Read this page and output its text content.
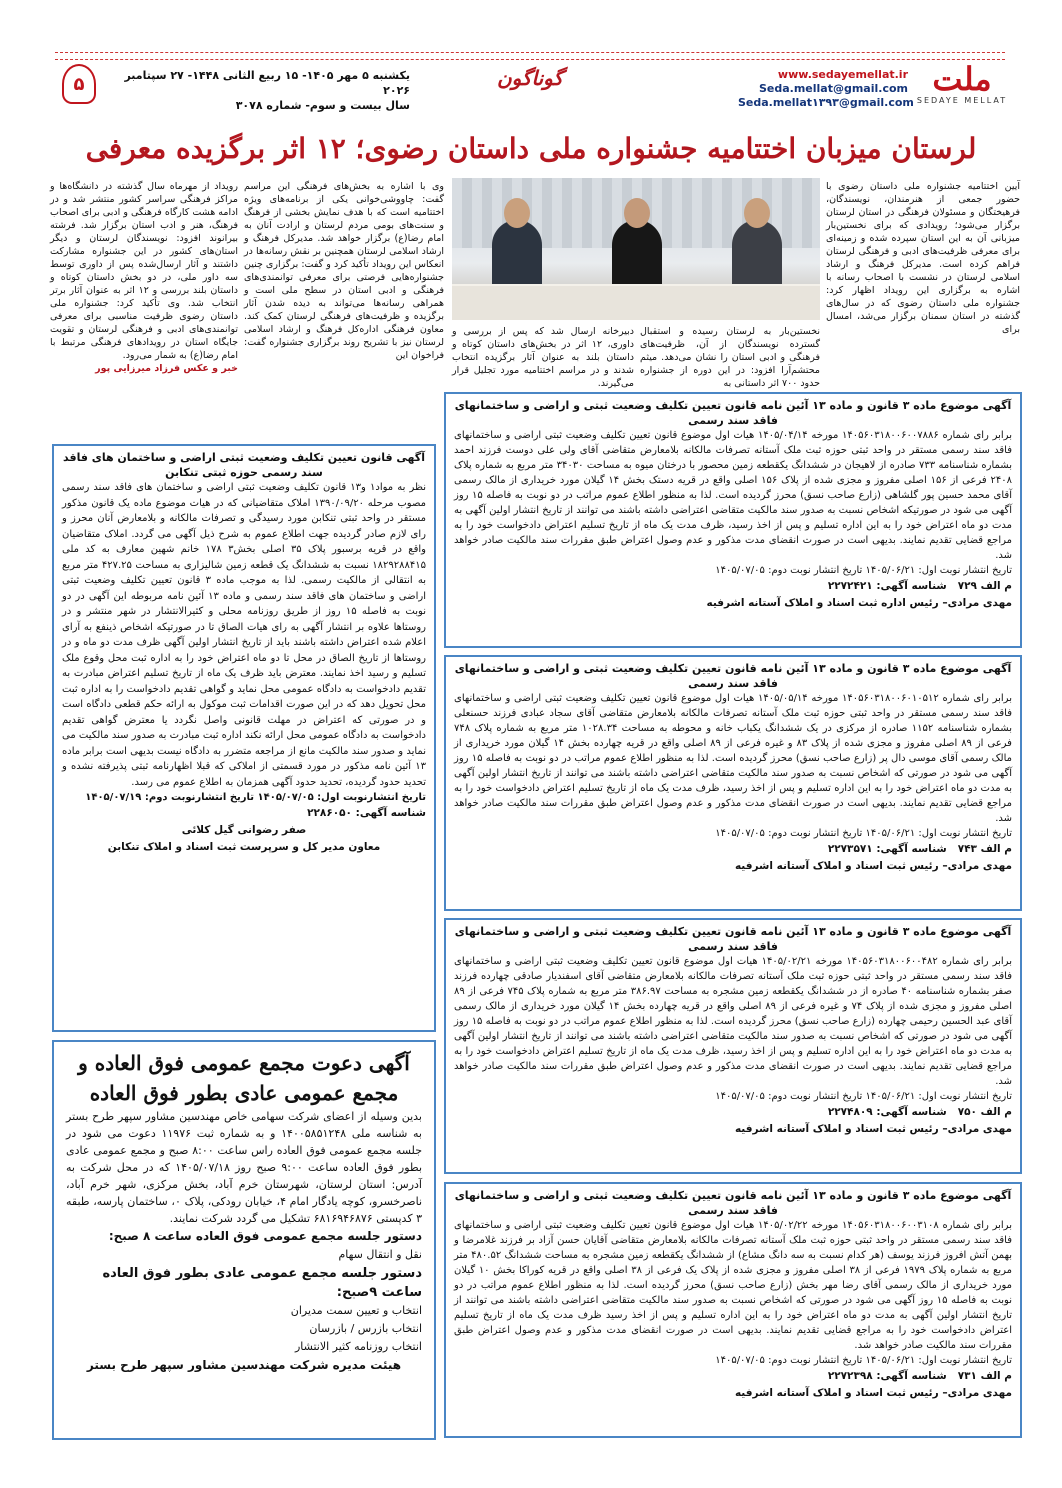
ملت
SEDAYE MELLAT
www.sedayemellat.ir
Seda.mellat@gmail.com
Seda.mellat۱۳۹۳@gmail.com
گوناگون
یکشنبه ۵ مهر ۱۴۰۵- ۱۵ ربیع الثانی ۱۴۴۸- ۲۷ سپتامبر ۲۰۲۶
سال بیست و سوم- شماره ۳۰۷۸
۵
لرستان میزبان اختتامیه جشنواره ملی داستان رضوی؛ ۱۲ اثر برگزیده معرفی
آیین اختتامیه جشنواره ملی داستان رضوی با حضور جمعی از هنرمندان، نویسندگان، فرهیختگان و مسئولان فرهنگی در استان لرستان برگزار می‌شود؛ رویدادی که برای نخستین‌بار میزبانی آن به این استان سپرده شده و زمینه‌ای برای معرفی ظرفیت‌های ادبی و فرهنگی لرستان فراهم کرده است. مدیرکل فرهنگ و ارشاد اسلامی لرستان در نشست با اصحاب رسانه با اشاره به برگزاری این رویداد اظهار کرد: جشنواره ملی داستان رضوی که در سال‌های گذشته در استان سمنان برگزار می‌شد، امسال برای
نخستین‌بار به لرستان رسیده و استقبال گسترده نویسندگان از آن، ظرفیت‌های فرهنگی و ادبی استان را نشان می‌دهد. میثم محتشم‌آرا افزود: در این دوره از جشنواره حدود ۷۰۰ اثر داستانی به
دبیرخانه ارسال شد که پس از بررسی و داوری، ۱۲ اثر در بخش‌های داستان کوتاه و داستان بلند به عنوان آثار برگزیده انتخاب شدند و در مراسم اختتامیه مورد تجلیل قرار می‌گیرند.
وی با اشاره به بخش‌های فرهنگی این مراسم گفت: چاووشی‌خوانی یکی از برنامه‌های ویژه اختتامیه است که با هدف نمایش بخشی از فرهنگ و سنت‌های بومی مردم لرستان و ارادت آنان به امام رضا(ع) برگزار خواهد شد. مدیرکل فرهنگ و ارشاد اسلامی لرستان همچنین بر نقش رسانه‌ها در انعکاس این رویداد تأکید کرد و گفت: برگزاری چنین جشنواره‌هایی فرصتی برای معرفی توانمندی‌های فرهنگی و ادبی استان در سطح ملی است و همراهی رسانه‌ها می‌تواند به دیده شدن آثار برگزیده و ظرفیت‌های فرهنگی لرستان کمک کند. معاون فرهنگی اداره‌کل فرهنگ و ارشاد اسلامی لرستان نیز با تشریح روند برگزاری جشنواره گفت: فراخوان این
رویداد از مهرماه سال گذشته در دانشگاه‌ها و مراکز فرهنگی سراسر کشور منتشر شد و در ادامه هشت کارگاه فرهنگی و ادبی برای اصحاب فرهنگ، هنر و ادب استان برگزار شد. فرشته بیرانوند افزود: نویسندگان لرستان و دیگر استان‌های کشور در این جشنواره مشارکت داشتند و آثار ارسال‌شده پس از داوری توسط سه داور ملی، در دو بخش داستان کوتاه و داستان بلند بررسی و ۱۲ اثر به عنوان آثار برتر انتخاب شد. وی تأکید کرد: جشنواره ملی داستان رضوی ظرفیت مناسبی برای معرفی توانمندی‌های ادبی و فرهنگی لرستان و تقویت جایگاه استان در رویدادهای فرهنگی مرتبط با امام رضا(ع) به شمار می‌رود.
خبر و عکس فرزاد میرزایی پور
آگهی موضوع ماده ۳ قانون و ماده ۱۳ آئین نامه قانون تعیین تکلیف وضعیت ثبتی و اراضی و ساختمانهای فاقد سند رسمی
برابر رای شماره ۱۴۰۵۶۰۳۱۸۰۰۶۰۰۷۸۸۶ مورخه ۱۴۰۵/۰۴/۱۴ هیات اول موضوع قانون تعیین تکلیف وضعیت ثبتی اراضی و ساختمانهای فاقد سند رسمی مستقر در واحد ثبتی حوزه ثبت ملک آستانه تصرفات مالکانه بلامعارض متقاضی آقای ولی علی دوست فرزند احمد بشماره شناسنامه ۷۳۳ صادره از لاهیجان در ششدانگ یکقطعه زمین محصور با درختان میوه به مساحت ۳۴۰۳۰ متر مربع به شماره پلاک ۲۴۰۸ فرعی از ۱۵۶ اصلی مفروز و مجزی شده از پلاک ۱۵۶ اصلی واقع در قریه دستک بخش ۱۴ گیلان مورد خریداری از مالک رسمی آقای محمد حسین پور گلشاهی (زارع صاحب نسق) محرز گردیده است. لذا به منظور اطلاع عموم مراتب در دو نوبت به فاصله ۱۵ روز آگهی می شود در صورتیکه اشخاص نسبت به صدور سند مالکیت متقاضی اعتراضی داشته باشند می توانند از تاریخ انتشار اولین آگهی به مدت دو ماه اعتراض خود را به این اداره تسلیم و پس از اخذ رسید، ظرف مدت یک ماه از تاریخ تسلیم اعتراض دادخواست خود را به مراجع قضایی تقدیم نمایند. بدیهی است در صورت انقضای مدت مذکور و عدم وصول اعتراض طبق مقررات سند مالکیت صادر خواهد شد.
تاریخ انتشار نوبت اول: ۱۴۰۵/۰۶/۲۱ تاریخ انتشار نوبت دوم: ۱۴۰۵/۰۷/۰۵
م الف ۷۲۹   شناسه آگهی: ۲۲۷۲۴۲۱
مهدی مرادی– رئیس اداره ثبت اسناد و املاک آستانه اشرفیه
آگهی موضوع ماده ۳ قانون و ماده ۱۳ آئین نامه قانون تعیین تکلیف وضعیت ثبتی و اراضی و ساختمانهای فاقد سند رسمی
برابر رای شماره ۱۴۰۵۶۰۳۱۸۰۰۶۰۱۰۵۱۲ مورخه ۱۴۰۵/۰۵/۱۴ هیات اول موضوع قانون تعیین تکلیف وضعیت ثبتی اراضی و ساختمانهای فاقد سند رسمی مستقر در واحد ثبتی حوزه ثبت ملک آستانه تصرفات مالکانه بلامعارض متقاضی آقای سجاد عبادی فرزند حسنعلی بشماره شناسنامه ۱۱۵۲ صادره از مرکزی در یک ششدانگ یکباب خانه و محوطه به مساحت ۱۰۲۸.۳۴ متر مربع به شماره پلاک ۷۴۸ فرعی از ۸۹ اصلی مفروز و مجزی شده از پلاک ۸۳ و غیره فرعی از ۸۹ اصلی واقع در قریه چهارده بخش ۱۴ گیلان مورد خریداری از مالک رسمی آقای موسی دال پر (زارع صاحب نسق) محرز گردیده است. لذا به منظور اطلاع عموم مراتب در دو نوبت به فاصله ۱۵ روز آگهی می شود در صورتی که اشخاص نسبت به صدور سند مالکیت متقاضی اعتراضی داشته باشند می توانند از تاریخ انتشار اولین آگهی به مدت دو ماه اعتراض خود را به این اداره تسلیم و پس از اخذ رسید، ظرف مدت یک ماه از تاریخ تسلیم اعتراض دادخواست خود را به مراجع قضایی تقدیم نمایند. بدیهی است در صورت انقضای مدت مذکور و عدم وصول اعتراض طبق مقررات سند مالکیت صادر خواهد شد.
تاریخ انتشار نوبت اول: ۱۴۰۵/۰۶/۲۱ تاریخ انتشار نوبت دوم: ۱۴۰۵/۰۷/۰۵
م الف ۷۴۳   شناسه آگهی: ۲۲۷۳۵۷۱
مهدی مرادی– رئیس ثبت اسناد و املاک آستانه اشرفیه
آگهی موضوع ماده ۳ قانون و ماده ۱۳ آئین نامه قانون تعیین تکلیف وضعیت ثبتی و اراضی و ساختمانهای فاقد سند رسمی
برابر رای شماره ۱۴۰۵۶۰۳۱۸۰۰۶۰۰۴۸۲ مورخه ۱۴۰۵/۰۲/۲۱ هیات اول موضوع قانون تعیین تکلیف وضعیت ثبتی اراضی و ساختمانهای فاقد سند رسمی مستقر در واحد ثبتی حوزه ثبت ملک آستانه تصرفات مالکانه بلامعارض متقاضی آقای اسفندیار صادقی چهارده فرزند صفر بشماره شناسنامه ۴۰ صادره از در ششدانگ یکقطعه زمین مشجره به مساحت ۳۸۶.۹۷ متر مربع به شماره پلاک ۷۴۵ فرعی از ۸۹ اصلی مفروز و مجزی شده از پلاک ۷۴ و غیره فرعی از ۸۹ اصلی واقع در قریه چهارده بخش ۱۴ گیلان مورد خریداری از مالک رسمی آقای عبد الحسین رحیمی چهارده (زارع صاحب نسق) محرز گردیده است. لذا به منظور اطلاع عموم مراتب در دو نوبت به فاصله ۱۵ روز آگهی می شود در صورتی که اشخاص نسبت به صدور سند مالکیت متقاضی اعتراضی داشته باشند می توانند از تاریخ انتشار اولین آگهی به مدت دو ماه اعتراض خود را به این اداره تسلیم و پس از اخذ رسید، ظرف مدت یک ماه از تاریخ تسلیم اعتراض دادخواست خود را به مراجع قضایی تقدیم نمایند. بدیهی است در صورت انقضای مدت مذکور و عدم وصول اعتراض طبق مقررات سند مالکیت صادر خواهد شد.
تاریخ انتشار نوبت اول: ۱۴۰۵/۰۶/۲۱ تاریخ انتشار نوبت دوم: ۱۴۰۵/۰۷/۰۵
م الف ۷۵۰   شناسه آگهی: ۲۲۷۴۸۰۹
مهدی مرادی– رئیس ثبت اسناد و املاک آستانه اشرفیه
آگهی موضوع ماده ۳ قانون و ماده ۱۳ آئین نامه قانون تعیین تکلیف وضعیت ثبتی و اراضی و ساختمانهای فاقد سند رسمی
برابر رای شماره ۱۴۰۵۶۰۳۱۸۰۰۶۰۰۳۱۰۸ مورخه ۱۴۰۵/۰۲/۲۲ هیات اول موضوع قانون تعیین تکلیف وضعیت ثبتی اراضی و ساختمانهای فاقد سند رسمی مستقر در واحد ثبتی حوزه ثبت ملک آستانه تصرفات مالکانه بلامعارض متقاضی آقایان حسن آزاد بر فرزند غلامرضا و بهمن آتش افروز فرزند یوسف (هر کدام نسبت به سه دانگ مشاع) از ششدانگ یکقطعه زمین مشجره به مساحت ششدانگ ۴۸۰.۵۲ متر مربع به شماره پلاک ۱۹۷۹ فرعی از ۳۸ اصلی مفروز و مجزی شده از پلاک یک فرعی از ۳۸ اصلی واقع در قریه کوراکا بخش ۱۰ گیلان مورد خریداری از مالک رسمی آقای رضا مهر بخش (زارع صاحب نسق) محرز گردیده است. لذا به منظور اطلاع عموم مراتب در دو نوبت به فاصله ۱۵ روز آگهی می شود در صورتی که اشخاص نسبت به صدور سند مالکیت متقاضی اعتراضی داشته باشند می توانند از تاریخ انتشار اولین آگهی به مدت دو ماه اعتراض خود را به این اداره تسلیم و پس از اخذ رسید ظرف مدت یک ماه از تاریخ تسلیم اعتراض دادخواست خود را به مراجع قضایی تقدیم نمایند. بدیهی است در صورت انقضای مدت مذکور و عدم وصول اعتراض طبق مقررات سند مالکیت صادر خواهد شد.
تاریخ انتشار نوبت اول: ۱۴۰۵/۰۶/۲۱ تاریخ انتشار نوبت دوم: ۱۴۰۵/۰۷/۰۵
م الف ۷۳۱   شناسه آگهی: ۲۲۷۲۳۹۸
مهدی مرادی– رئیس ثبت اسناد و املاک آستانه اشرفیه
آگهی قانون تعیین تکلیف وضعیت ثبتی اراضی و ساختمان های فاقد سند رسمی حوزه ثبتی تنکابن
نظر به مواد۱ و۱۳ قانون تکلیف وضعیت ثبتی اراضی و ساختمان های فاقد سند رسمی مصوب مرحله ۱۳۹۰/۰۹/۲۰ املاک متقاضیانی که در هیات موضوع ماده یک قانون مذکور مستقر در واحد ثبتی تنکابن مورد رسیدگی و تصرفات مالکانه و بلامعارض آنان محرز و رای لازم صادر گردیده جهت اطلاع عموم به شرح ذیل آگهی می گردد. املاک متقاضیان واقع در قریه برسبور پلاک ۳۵ اصلی بخش۳ ۱۷۸ خانم شهین معارف به کد ملی ۱۸۲۹۲۸۸۴۱۵ نسبت به ششدانگ یک قطعه زمین شالیزاری به مساحت ۴۲۷.۲۵ متر مربع به انتقالی از مالکیت رسمی. لذا به موجب ماده ۳ قانون تعیین تکلیف وضعیت ثبتی اراضی و ساختمان های فاقد سند رسمی و ماده ۱۳ آئین نامه مربوطه این آگهی در دو نوبت به فاصله ۱۵ روز از طریق روزنامه محلی و کثیرالانتشار در شهر منتشر و در روستاها علاوه بر انتشار آگهی به رای هیات الصاق تا در صورتیکه اشخاص ذینفع به آرای اعلام شده اعتراض داشته باشند باید از تاریخ انتشار اولین آگهی ظرف مدت دو ماه و در روستاها از تاریخ الصاق در محل تا دو ماه اعتراض خود را به اداره ثبت محل وقوع ملک تسلیم و رسید اخذ نمایند. معترض باید ظرف یک ماه از تاریخ تسلیم اعتراض مبادرت به تقدیم دادخواست به دادگاه عمومی محل نماید و گواهی تقدیم دادخواست را به اداره ثبت محل تحویل دهد که در این صورت اقدامات ثبت موکول به ارائه حکم قطعی دادگاه است و در صورتی که اعتراض در مهلت قانونی واصل نگردد یا معترض گواهی تقدیم دادخواست به دادگاه عمومی محل ارائه نکند اداره ثبت مبادرت به صدور سند مالکیت می نماید و صدور سند مالکیت مانع از مراجعه متضرر به دادگاه نیست بدیهی است برابر ماده ۱۳ آئین نامه مذکور در مورد قسمتی از املاکی که قبلا اظهارنامه ثبتی پذیرفته نشده و تحدید حدود گردیده، تحدید حدود آگهی همزمان به اطلاع عموم می رسد.
تاریخ انتشارنوبت اول: ۱۴۰۵/۰۷/۰۵ تاریخ انتشارنوبت دوم: ۱۴۰۵/۰۷/۱۹
شناسه آگهی: ۲۲۸۶۰۵۰
صفر رضوانی گیل کلائی
معاون مدیر کل و سرپرست ثبت اسناد و املاک تنکابن
آگهی دعوت مجمع عمومی فوق العاده و
مجمع عمومی عادی بطور فوق العاده
بدین وسیله از اعضای شرکت سهامی خاص مهندسین مشاور سپهر طرح بستر به شناسه ملی ۱۴۰۰۵۸۵۱۲۴۸ و به شماره ثبت ۱۱۹۷۶ دعوت می شود در جلسه مجمع عمومی فوق العاده راس ساعت ۸:۰۰ صبح و مجمع عمومی عادی بطور فوق العاده ساعت ۹:۰۰ صبح روز ۱۴۰۵/۰۷/۱۸ که در محل شرکت به آدرس: استان لرستان، شهرستان خرم آباد، بخش مرکزی، شهر خرم آباد، ناصرخسرو، کوچه یادگار امام ۴، خیابان رودکی، پلاک ۰، ساختمان پارسه، طبقه ۳ کدپستی ۶۸۱۶۹۴۶۸۷۶ تشکیل می گردد شرکت نمایند.
دستور جلسه مجمع عمومی فوق العاده ساعت ۸ صبح:
نقل و انتقال سهام
دستور جلسه مجمع عمومی عادی بطور فوق العاده ساعت ۹صبح:
انتخاب و تعیین سمت مدیران
انتخاب بازرس / بازرسان
انتخاب روزنامه کثیر الانتشار
هیئت مدیره شرکت مهندسین مشاور سپهر طرح بستر
